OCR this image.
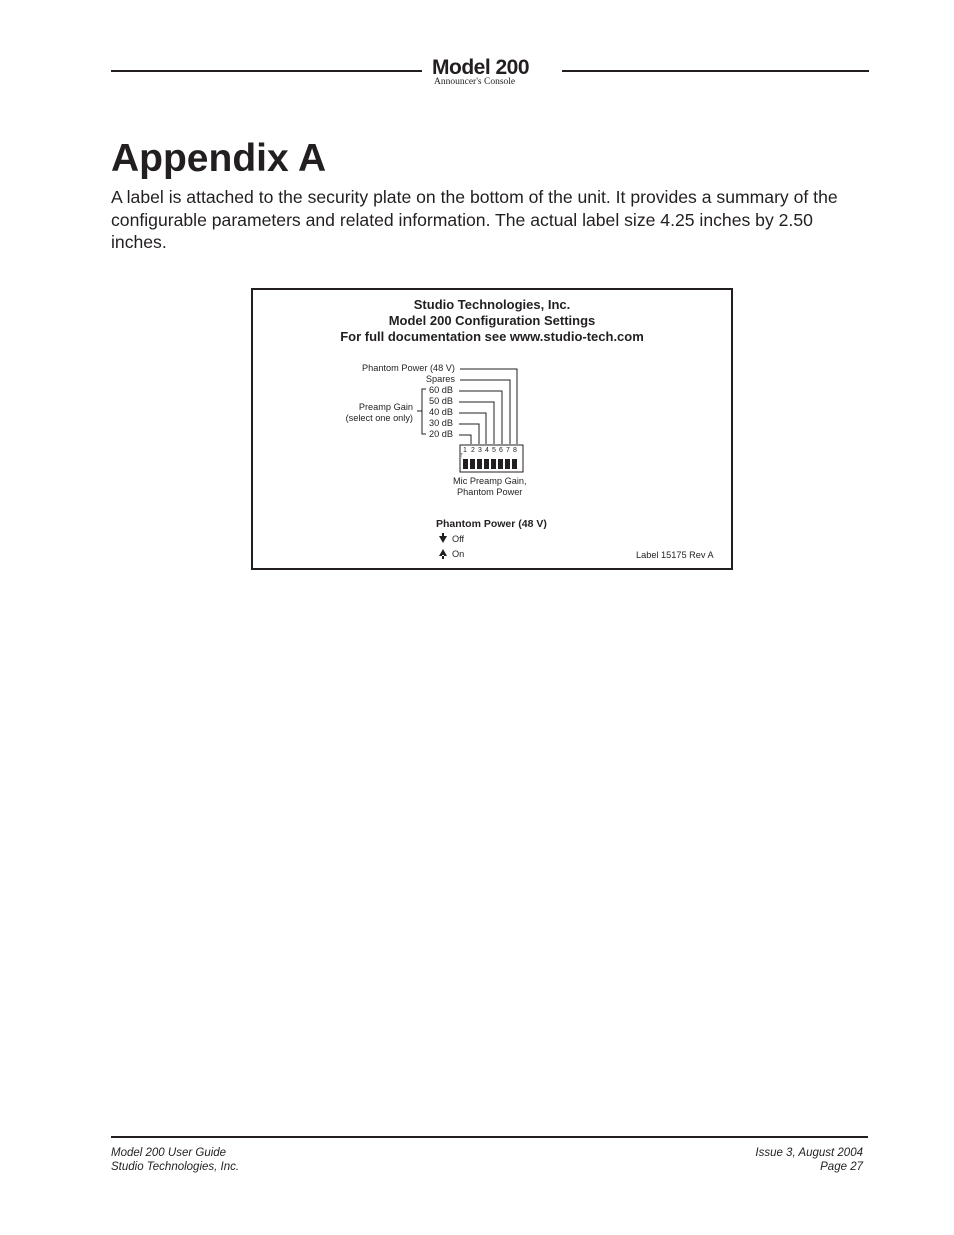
Model 200
Announcer's Console
Appendix A
A label is attached to the security plate on the bottom of the unit. It provides a summary of the configurable parameters and related information. The actual label size 4.25 inches by 2.50 inches.
Studio Technologies, Inc.
Model 200 Configuration Settings
For full documentation see www.studio-tech.com
Phantom Power (48 V)
Spares
60 dB
50 dB
40 dB
30 dB
20 dB
Preamp Gain
(select one only)
1 2 3 4 5 6 7 8
↑
Mic Preamp Gain,
Phantom Power
Phantom Power (48 V)
Off
On	Label 15175 Rev A
Model 200 User Guide
Studio Technologies, Inc.
Issue 3, August 2004
Page 27
